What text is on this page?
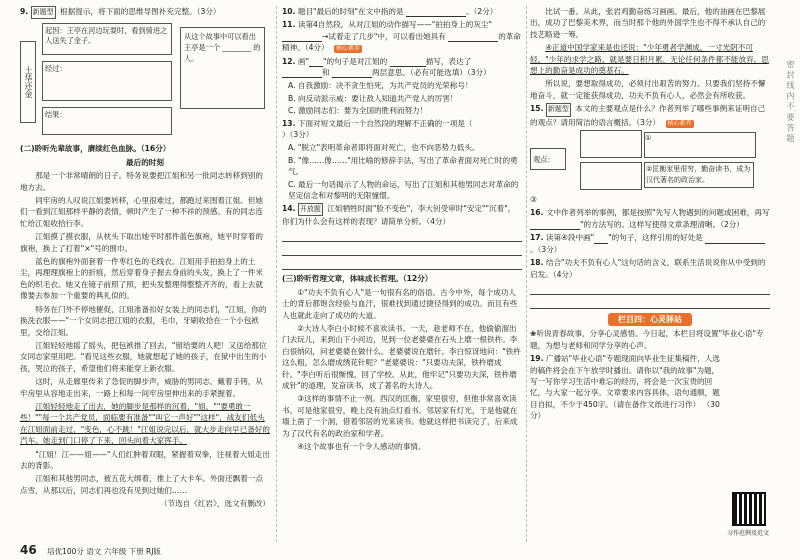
9. 新题型 根据提示，将下面的思维导图补充完整。（3分）
土华还金
起因：王亭在河边玩耍时，看到骑进之人送失了金子。
经过：
结果：
从这个故事中可以看出王亭是一个 ________ 的人。
(二)聆听先辈故事，赓续红色血脉。（16分）
最后的时刻

那是一个非常晴朗的日子。特务说要把江姐和另一批同志转移到别的地方去。

同牢房的人叹说江姐要转移，心里很难过，都跑过来围着江姐。但她们一看到江姐那样平静的表情，顿时产生了一种不祥的预感。有的同志连忙给江姐收拾行李。

江姐摸了摸衣服，从枕头下取出她平时那件蓝色旗袍，她平时穿着的旗袍，换上了打着"×"号的围巾。

蓝色的旗袍外面套着一件枣红色的毛线衣。江姐用手拍拍身上的土尘，再理理旗袍上的折痕，然后穿着身子握去身前的头发，换上了一件米色的织毛衣。她又在镜子前照了照，把头发整理得整整齐齐的，看上去就像要去参加一个重要的典礼似的。

特务在门外不停地催促，江姐准备扣好女装上的同志们，"江姐，你的换洗衣服——"一个女同志把江姐的衣服，毛巾，牙刷收拾在一个小包袱里，交给江姐。

江姐轻轻地摇了摇头，把包袱推了回去，"留给要的人吧！又送给那位女同志家里用吧。"看见这些衣服，她就想起了她的孩子，在狱中出生的小孩，哭泣的孩子，希望他们将来能穿上新衣服。

这时，从走廊里传来了急促的脚步声，威胁的男同志，戴着手铐，从牢房里从容地走出来，一路上和每一间牢房里伸出来的手紧握着。

江姐轻轻地走了出去，她的脚步是那样的沉着，"姐，""要勇敢一些！""每一个共产党员，面临要有准备""叫它一声好""这样"，战友们低头在江姐面前走过，"变色，心不跳！"江姐说完以后，就大步走向早已备好的汽车。她走到门口停了下来，回头向着大家挥手。

"江姐！江——姐——"人们红肿着双眼，紧握着双拳，注视着大姐走出去的背影。

江姐和其他男同志，被五花大绑着，推上了大卡车。外面还飘着一点点雪，从那以后，同志们再也没有见到过她们……

（节选自《红岩》，选文有删改）
10. 题目"最后的时刻"在文中指的是	。（2分）
11. 读第4自然段，从对江姐的动作描写——"拍拍身上的灰尘"
→试着走了几步"中，可以看出她具有	的革命精神。（4分） 核心素养
12. 画" "的句子是对江姐的	描写，表达了
和	两层意思。（必有可能选填）（3分）
A. 自我激励：决不贪生怕死，为共产党员的光荣称号！
B. 向反动派示威：要让敌人知道共产党人的厉害！
C. 激励同志们：要为全国的胜利而努力！
13. 下面对短文最后一个自然段的理解不正确的一项是（ ）（3分）
A. "脱立"表明革命者即将面对死亡，也不向恶势力低头。
B. "像……像……"用比喻的修辞手法，写出了革命者面对死亡时的勇气。
C. 最后一句话揭示了人物的命运，写出了江姐和其他男同志对革命的坚定信念和对黎明的无限憧憬。
14. 开放题 江姐牺牲时面"脸不变色"，李大钊受审时"安定""沉着"，你们为什么会有这样的表现？请简单分析。（4分）
(三)聆听哲理文章，体味成长哲理。（12分）

①"功夫不负有心人"是一句很有名的俗语。古今中外，每个成功人士的背后都饱含经验与血汗，很难找到通过捷径得到的成功。而且有些人也就此走向了成功的大道。

②大诗人李白小时候不喜欢读书。一天，趁老师不在，他偷偷溜出门去玩儿，来到山下小河边，见到一位老婆婆在石头上磨一根铁杵。李白很纳闷，问老婆婆在做什么。老婆婆说在磨针。李白惊讶地问："铁杵这么粗，怎么磨成绣花针呢？"老婆婆说："只要功夫深，铁杵磨成针。"李白听后很惭愧，回了学校。从此，他牢记"只要功夫深，铁杵磨成针"的道理，发奋读书，成了著名的大诗人。

③这样的事情不止一例。西汉的匡衡，家里很穷，但他非常喜欢读书。可是他家很穷，晚上没有油点灯看书。邻居家有灯光，于是他就在墙上凿了一个洞，借着邻居的光来读书。他就这样把书读完了，后来成为了汉代有名的政治家和学者。

④这个故事也有一个令人感动的事情。

比试一番。从此，张岩鸡勤奋练习画画。最后，他的油画在巴黎展出，成功了巴黎美术界，而当时那个他的外国学生也不得不承认自己的技艺略逊一筹。

④正道中国学家来是也还说："少年勇者学渊成，一寸光阴不可轻。"少年的求学之路，就是要日积月累，无论任何条件都不能放弃。思想上的勤奋是成功的奠基石。

所以说，要想取得成功，必须付出艰苦的努力。只要我们坚持不懈地奋斗，就一定能获得成功，功夫不负有心人，必然会有所收获。

15. 新题型 本文的主要观点是什么？作者列举了哪些事例来证明自己的观点？请用简洁的语言概括。（3分） 核心素养
观点：
①
②匡衡家里很穷，勤奋读书，成为汉代著名的政治家。
③
16. 文中作者列举的事例，都是按照"先写人物遇到的问题或困难，再写 "的方法写的。这样写使得文章条理清晰。（2分）
17. 读第④段中画" "的句子，这样引用的好处是 。（3分）
18. 结合"功夫不负有心人"这句话的含义，联系生活说说你从中受到的启发。（4分）
栏目四：心灵驿站
❀听说青春故事，分享心灵感悟。今日起，本栏目将设置"毕业心语"专题，为想与老师和同学分享的心声。
19. 广播站"毕业心语"专题现面向毕业生征集稿件，人选的稿件将会在下午放学时播出。请你以"我的故事"为题，写一写你学习生活中难忘的经历，将会是一次宝贵的回忆，与大家一起分享。文章要求内容具体，语句通顺，题目自拟，不少于450字。（请在备作文纸进行习作） （30分）
习作范例及范文
密 封 线 内 不 要 答 题
46 培优100分 语文 六年级 下册 RJ版
